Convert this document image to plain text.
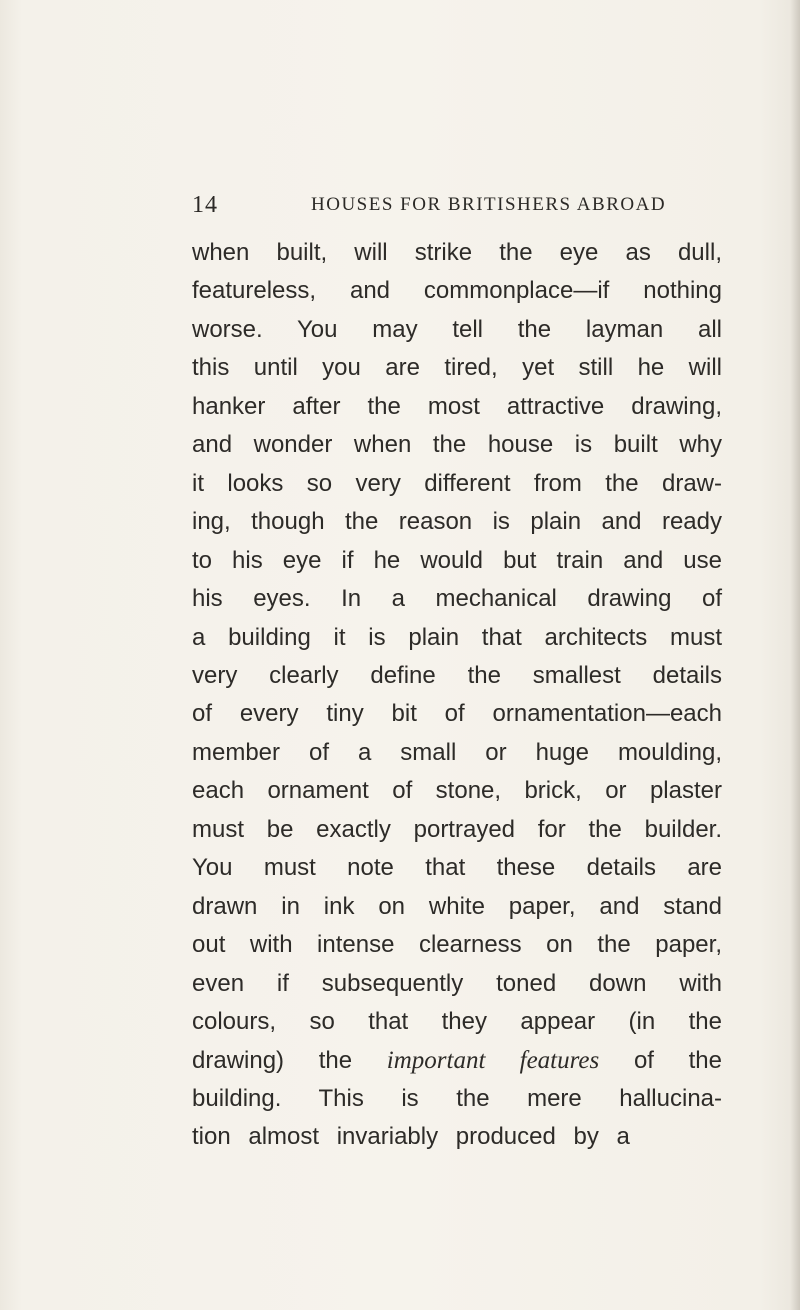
14	HOUSES FOR BRITISHERS ABROAD
when built, will strike the eye as dull,
featureless, and commonplace—if nothing
worse. You may tell the layman all
this until you are tired, yet still he will
hanker after the most attractive drawing,
and wonder when the house is built why
it looks so very different from the draw-
ing, though the reason is plain and ready
to his eye if he would but train and use
his eyes. In a mechanical drawing of
a building it is plain that architects must
very clearly define the smallest details
of every tiny bit of ornamentation—each
member of a small or huge moulding,
each ornament of stone, brick, or plaster
must be exactly portrayed for the builder.
You must note that these details are
drawn in ink on white paper, and stand
out with intense clearness on the paper,
even if subsequently toned down with
colours, so that they appear (in the
drawing) the important features of the
building. This is the mere hallucina-
tion almost invariably produced by a
